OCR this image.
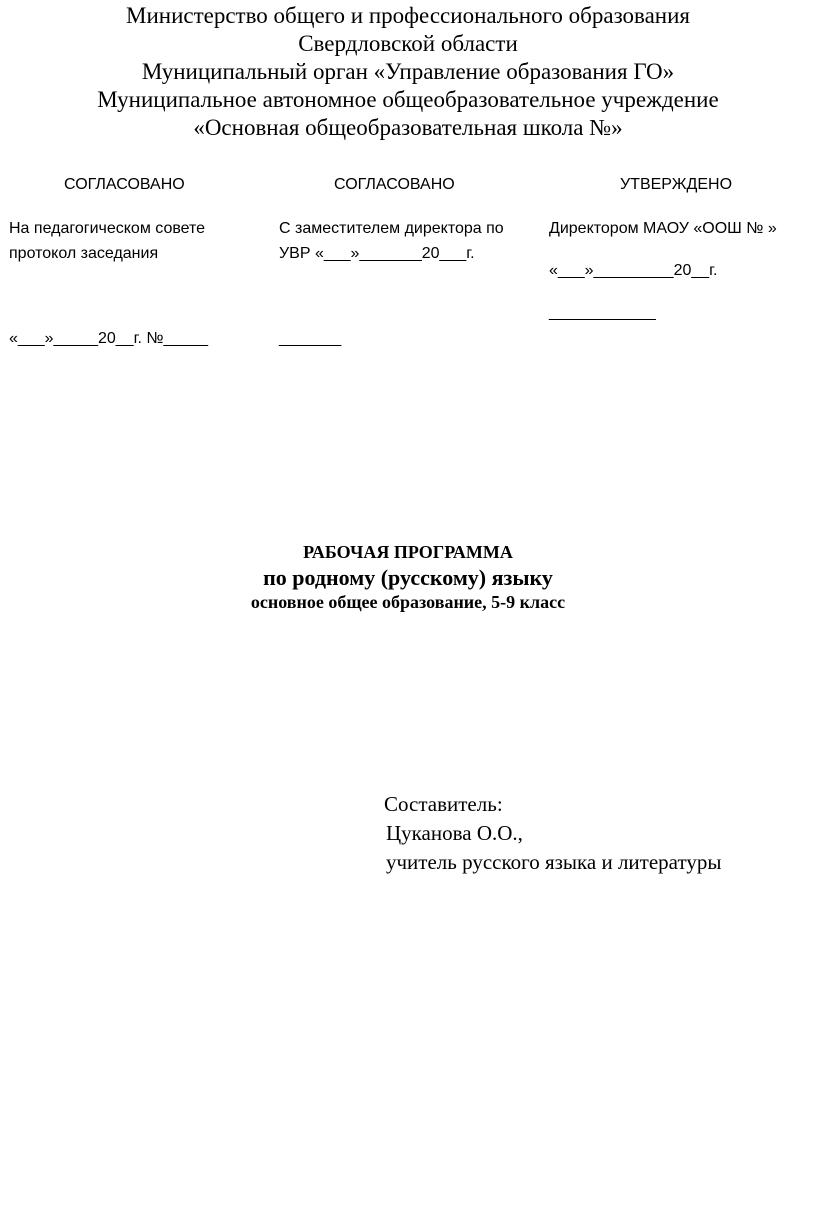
Министерство общего и профессионального образования
Свердловской области
Муниципальный орган «Управление образования ГО»
Муниципальное автономное общеобразовательное учреждение
«Основная общеобразовательная школа №»
СОГЛАСОВАНО	СОГЛАСОВАНО	УТВЕРЖДЕНО
На педагогическом совете
протокол заседания
«___»_____20__г. №_____
С заместителем директора по
УВР «___»_______20___г.
_______
Директором МАОУ «ООШ № »
«___»_________20__г.
____________
РАБОЧАЯ ПРОГРАММА
по родному (русскому) языку
основное общее образование, 5-9 класс
Составитель:
Цуканова О.О.,
учитель русского языка и литературы
